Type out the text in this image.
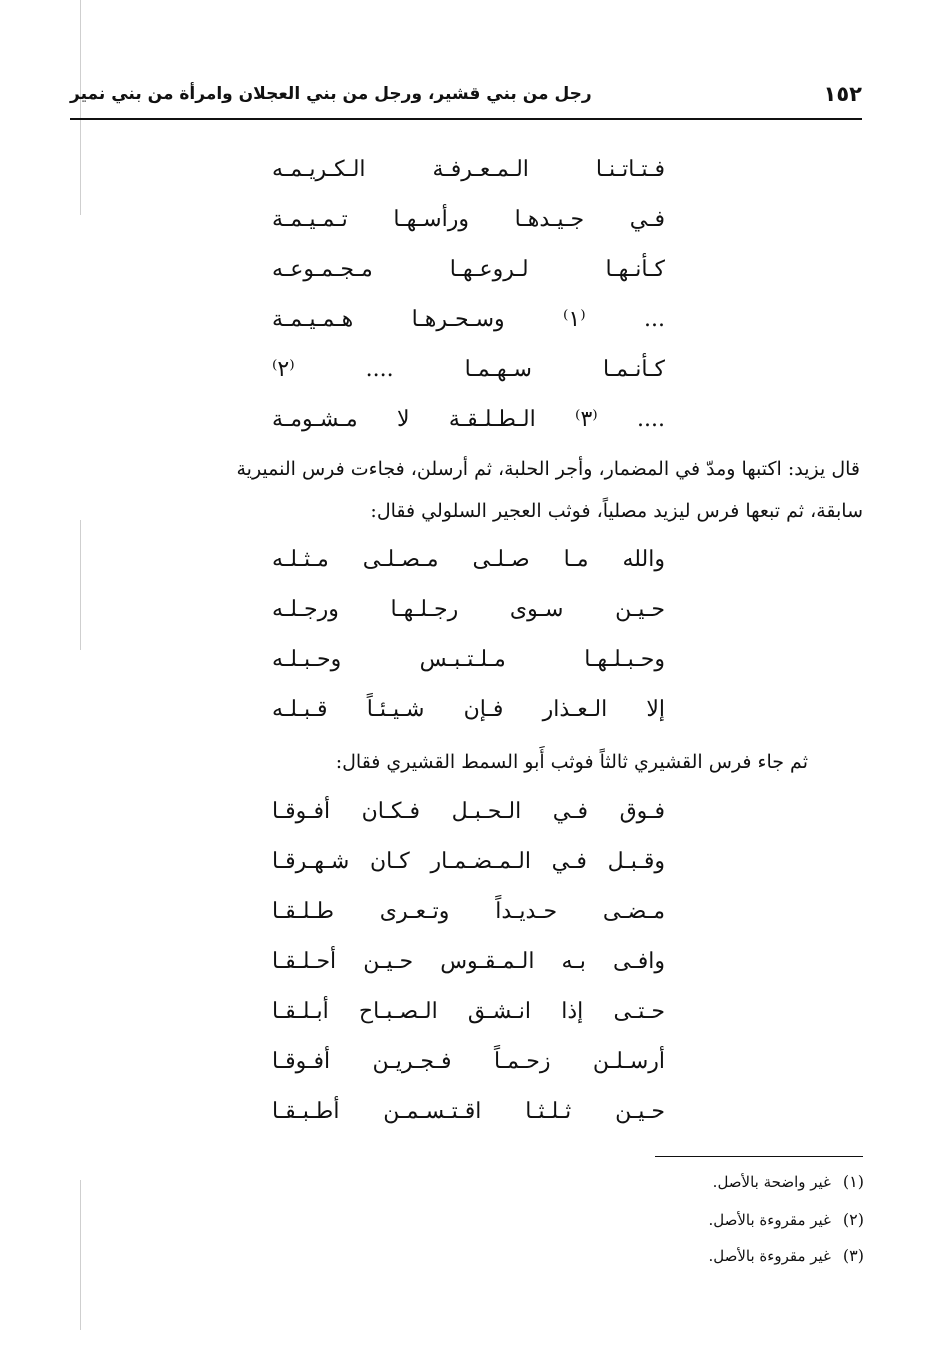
١٥٢
رجل من بني قشير، ورجل من بني العجلان وامرأة من بني نمير
فـتـاتـنـا الـمـعـرفـة الـكـريـمـه
فـي جـيـدهـا ورأسـهـا تـمـيـمـة
كـأنـهـا لـروعـهـا مـجـمـوعـه
... ⁽١⁾ وسـحـرهـا هـمـيـمـة
كـأنـمـا سـهـمـا .... ⁽٢⁾
.... ⁽٣⁾ الـطـلـقـة لا مـشـومـة
قال يزيد: اكتبها ومدّ في المضمار، وأجر الحلبة، ثم أرسلن، فجاءت فرس النميرية
سابقة، ثم تبعها فرس ليزيد مصلياً، فوثب العجير السلولي فقال:
والله مـا صـلـى مـصـلـى مـثـلـه
حـيـن سـوى رجـلـهـا ورجـلـه
وحـبـلـهـا مـلـتـبـس وحـبـلـه
إلا الـعـذار فـإن شـيـئـاً قـبـلـه
ثم جاء فرس القشيري ثالثاً فوثب أَبو السمط القشيري فقال:
فـوق فـي الـحـبـل فـكـان أفـوقـا
وقـبـل فـي الـمـضـمـار كـان شـهـرقـا
مـضـى حـديـداً وتـعـرى طـلـقـا
وافـى بـه الـمـقـوس حـيـن أحـلـقـا
حـتـى إذا انـشـق الـصـبـاح أبـلـقـا
أرسـلـن زحـمـاً فـجـريـن أفـوقـا
حـيـن ثـلـثـا اقـتـسـمـن أطـبـقـا
(١)غير واضحة بالأصل.
(٢)غير مقروءة بالأصل.
(٣)غير مقروءة بالأصل.
